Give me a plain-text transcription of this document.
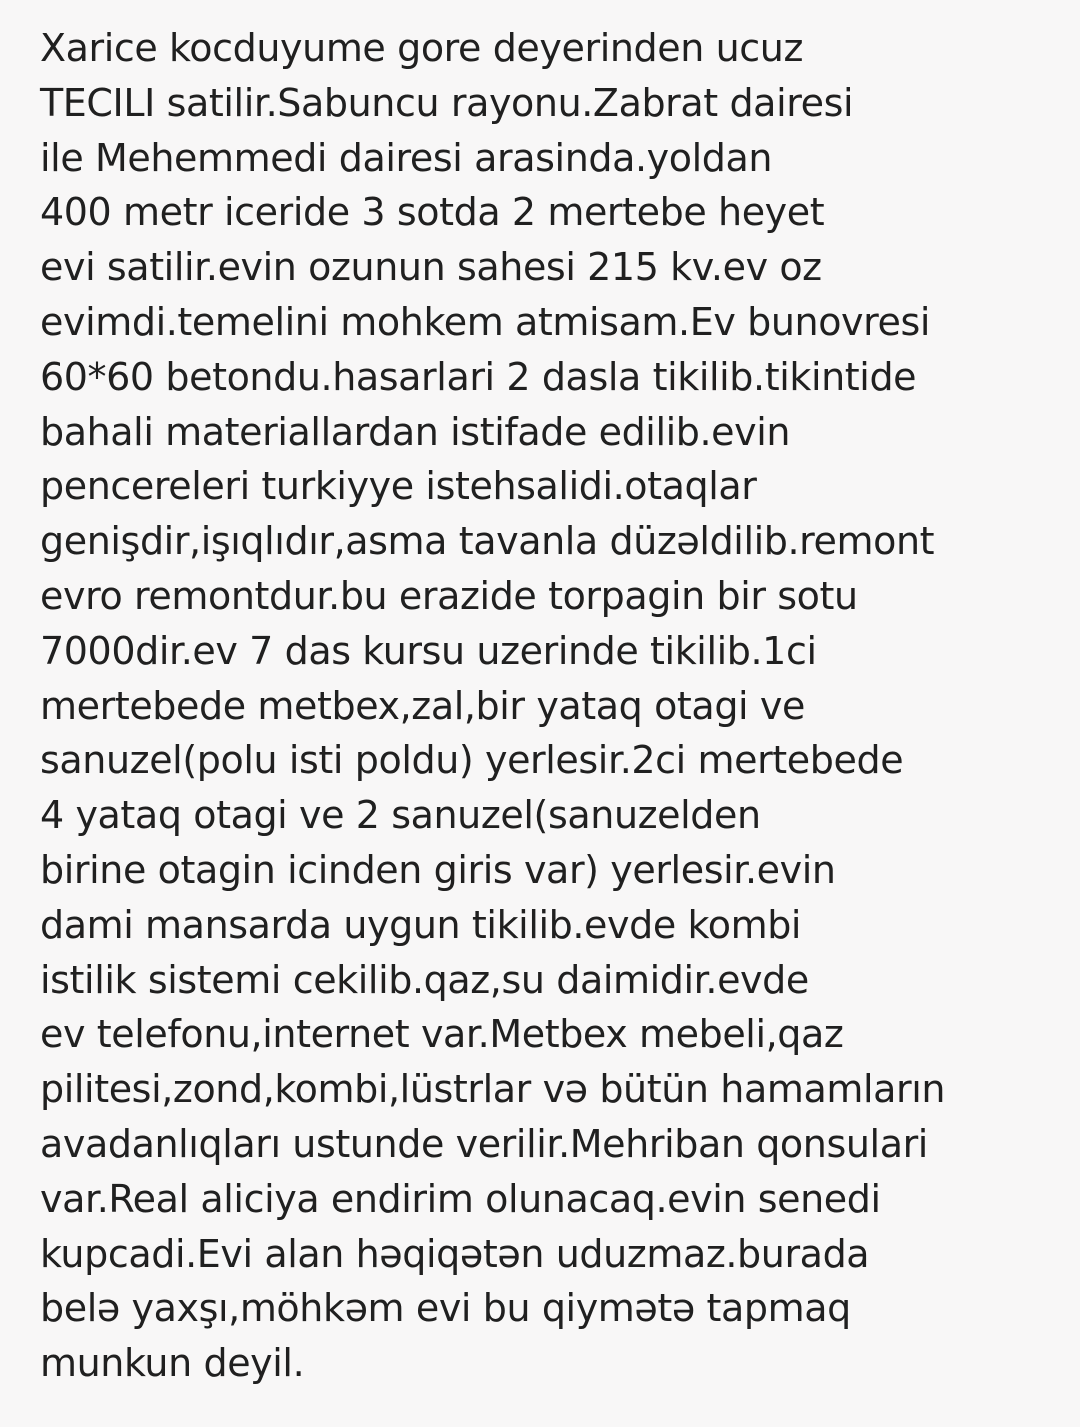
Xarice kocduyume gore deyerinden ucuz
TECILI satilir.Sabuncu rayonu.Zabrat dairesi
ile Mehemmedi dairesi arasinda.yoldan
400 metr iceride 3 sotda 2 mertebe heyet
evi satilir.evin ozunun sahesi 215 kv.ev oz
evimdi.temelini mohkem atmisam.Ev bunovresi
60*60 betondu.hasarlari 2 dasla tikilib.tikintide
bahali materiallardan istifade edilib.evin
pencereleri turkiyye istehsalidi.otaqlar
genişdir,işıqlıdır,asma tavanla düzəldilib.remont
evro remontdur.bu erazide torpagin bir sotu
7000dir.ev 7 das kursu uzerinde tikilib.1ci
mertebede metbex,zal,bir yataq otagi ve
sanuzel(polu isti poldu) yerlesir.2ci mertebede
4 yataq otagi ve 2 sanuzel(sanuzelden
birine otagin icinden giris var) yerlesir.evin
dami mansarda uygun tikilib.evde kombi
istilik sistemi cekilib.qaz,su daimidir.evde
ev telefonu,internet var.Metbex mebeli,qaz
pilitesi,zond,kombi,lüstrlar və bütün hamamların
avadanlıqları ustunde verilir.Mehriban qonsulari
var.Real aliciya endirim olunacaq.evin senedi
kupcadi.Evi alan həqiqətən uduzmaz.burada
belə yaxşı,möhkəm evi bu qiymətə tapmaq
munkun deyil.
